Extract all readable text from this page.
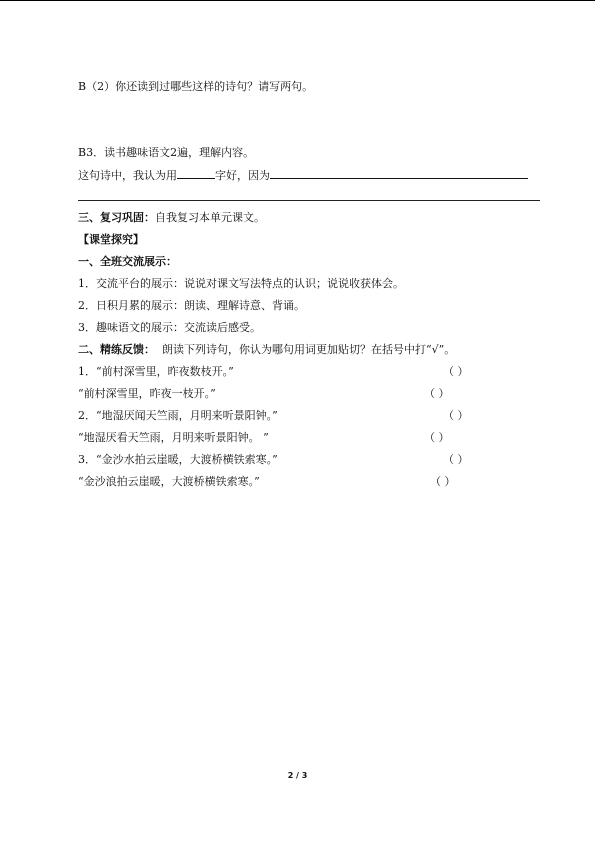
B（2）你还读到过哪些这样的诗句？请写两句。
B3．读书趣味语文2遍，理解内容。
这句诗中，我认为用	字好，因为
三、复习巩固：自我复习本单元课文。
【课堂探究】
一、全班交流展示：
1．交流平台的展示：说说对课文写法特点的认识；说说收获体会。
2．日积月累的展示：朗读、理解诗意、背诵。
3．趣味语文的展示：交流读后感受。
二、精练反馈： 朗读下列诗句，你认为哪句用词更加贴切？在括号中打“√”。
1．“前村深雪里，昨夜数枝开。”	（ ）
“前村深雪里，昨夜一枝开。”	（ ）
2．“地湿厌闻天竺雨，月明来听景阳钟。”	（ ）
“地湿厌看天竺雨，月明来听景阳钟。 ”	（ ）
3．“金沙水拍云崖暖，大渡桥横铁索寒。”	（ ）
“金沙浪拍云崖暖，大渡桥横铁索寒。”	（ ）
2 / 3
